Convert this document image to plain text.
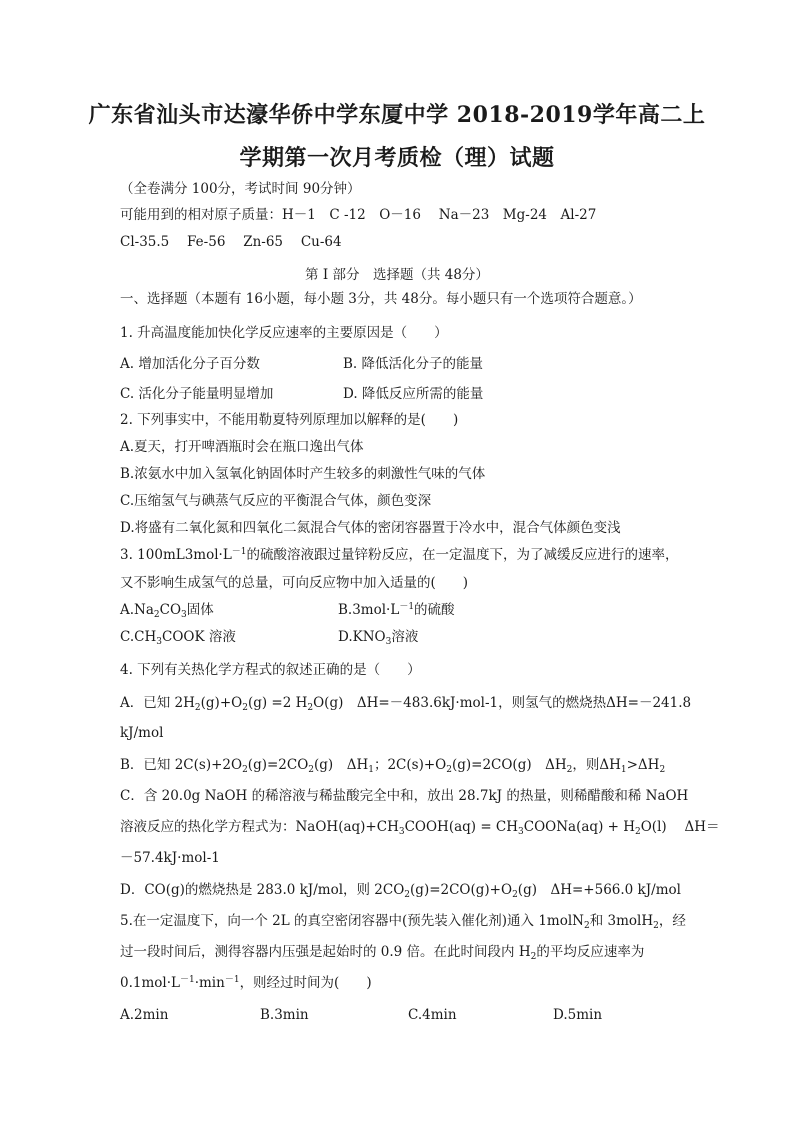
广东省汕头市达濠华侨中学东厦中学 2018-2019学年高二上
学期第一次月考质检（理）试题
（全卷满分 100分，考试时间 90分钟）
可能用到的相对原子质量：H－1　C -12　O－16　 Na－23　Mg-24　Al-27
Cl-35.5　 Fe-56　 Zn-65　 Cu-64
第 I 部分　选择题（共 48分）
一、选择题（本题有 16小题，每小题 3分，共 48分。每小题只有一个选项符合题意。）
1. 升高温度能加快化学反应速率的主要原因是（　　）
A. 增加活化分子百分数	B. 降低活化分子的能量
C. 活化分子能量明显增加	D. 降低反应所需的能量
2. 下列事实中，不能用勒夏特列原理加以解释的是(　　)
A.夏天，打开啤酒瓶时会在瓶口逸出气体
B.浓氨水中加入氢氧化钠固体时产生较多的刺激性气味的气体
C.压缩氢气与碘蒸气反应的平衡混合气体，颜色变深
D.将盛有二氧化氮和四氧化二氮混合气体的密闭容器置于冷水中，混合气体颜色变浅
3. $100mL3mol\cdot L^{-1}$的硫酸溶液跟过量锌粉反应，在一定温度下，为了减缓反应进行的速率，
又不影响生成氢气的总量，可向反应物中加入适量的(　　)
$A.Na_2CO_3$固体	$B.3mol\cdot L^{-1}$的硫酸
$C.CH_3COOK$ 溶液	$D.KNO_3$溶液
4. 下列有关热化学方程式的叙述正确的是（　　）
A．已知 $2H_2(g)+O_2(g) =2$ $H_2O(g)$　ΔH=－483.6kJ·mol-1，则氢气的燃烧热ΔH=－241.8
kJ/mol
B．已知 $2C(s)+2O_2(g)=2CO_2(g)$　$\Delta H_1$；$2C(s)+O_2(g)=2CO(g)$　$\Delta H_2$，则$\Delta H_1>\Delta H_2$
C．含 20.0g NaOH 的稀溶液与稀盐酸完全中和，放出 28.7kJ 的热量，则稀醋酸和稀 NaOH
溶液反应的热化学方程式为：$NaOH(aq)+CH_3COOH(aq)$ = $CH_3COONa(aq) + H_2O(l)$　 ΔH＝
－57.4kJ·mol-1
D．CO(g)的燃烧热是 283.0 kJ/mol，则 $2CO_2(g)=2CO(g)+O_2(g)$　ΔH=+566.0 kJ/mol
5.在一定温度下，向一个 2L 的真空密闭容器中(预先装入催化剂)通入 1molN$_2$和 3molH$_2$，经
过一段时间后，测得容器内压强是起始时的 0.9 倍。在此时间段内 $H_2$的平均反应速率为
$0.1mol\cdot L^{-1}\cdot\min^{-1}$，则经过时间为(　　)
A.2min	B.3min	C.4min	D.5min
